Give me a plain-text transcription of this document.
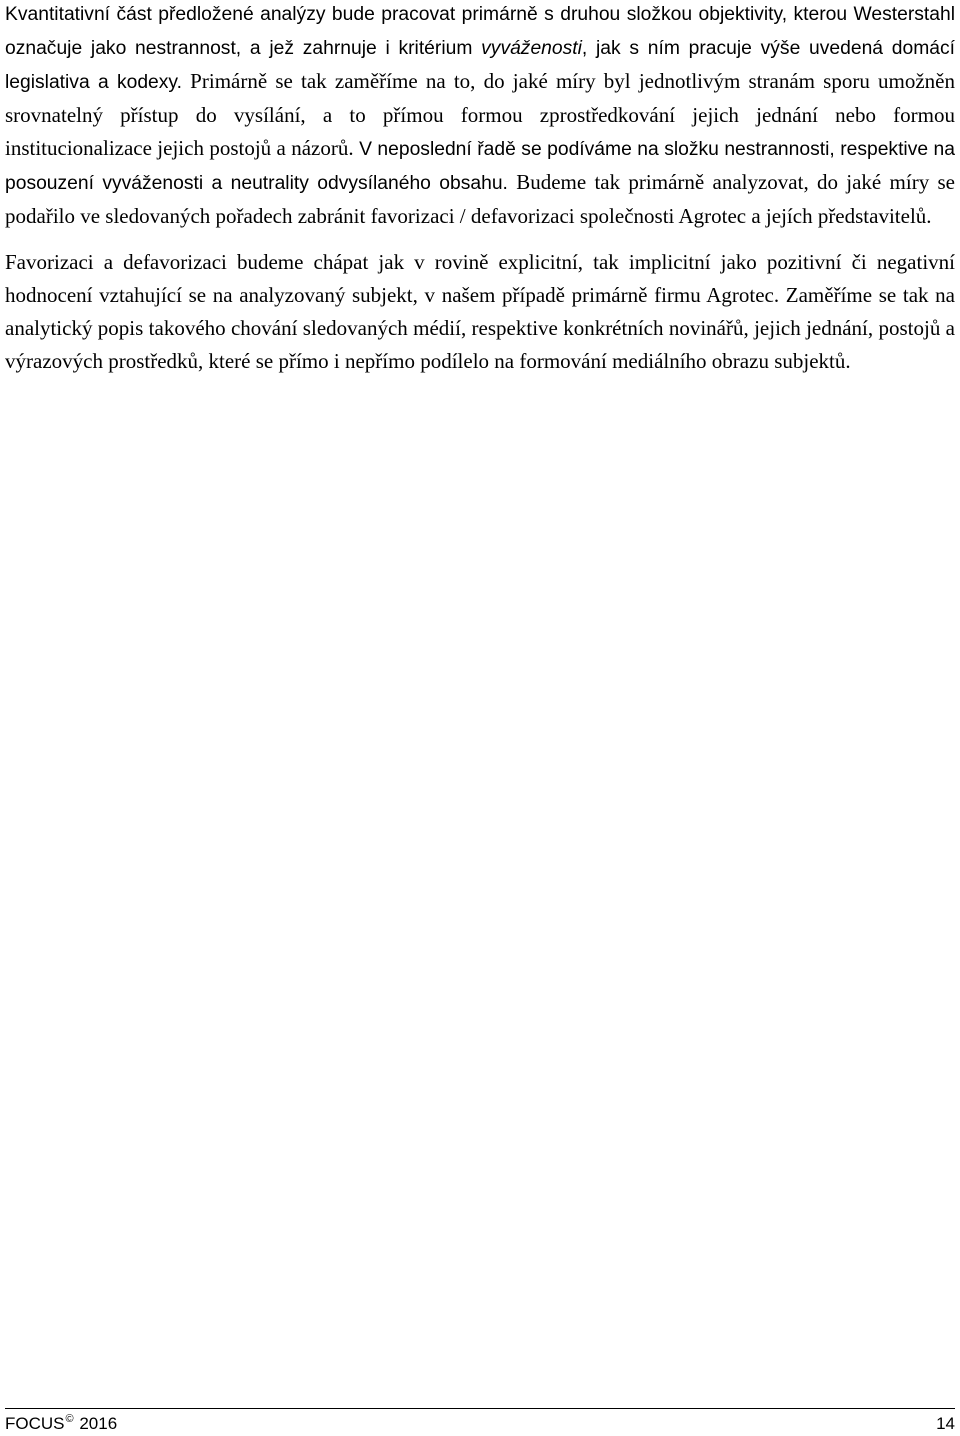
Kvantitativní část předložené analýzy bude pracovat primárně s druhou složkou objektivity, kterou Westerstahl označuje jako nestrannost, a jež zahrnuje i kritérium vyváženosti, jak s ním pracuje výše uvedená domácí legislativa a kodexy. Primárně se tak zaměříme na to, do jaké míry byl jednotlivým stranám sporu umožněn srovnatelný přístup do vysílání, a to přímou formou zprostředkování jejich jednání nebo formou institucionalizace jejich postojů a názorů. V neposlední řadě se podíváme na složku nestrannosti, respektive na posouzení vyváženosti a neutrality odvysílaného obsahu. Budeme tak primárně analyzovat, do jaké míry se podařilo ve sledovaných pořadech zabránit favorizaci / defavorizaci společnosti Agrotec a jejích představitelů.

Favorizaci a defavorizaci budeme chápat jak v rovině explicitní, tak implicitní jako pozitivní či negativní hodnocení vztahující se na analyzovaný subjekt, v našem případě primárně firmu Agrotec. Zaměříme se tak na analytický popis takového chování sledovaných médií, respektive konkrétních novinářů, jejich jednání, postojů a výrazových prostředků, které se přímo i nepřímo podílelo na formování mediálního obrazu subjektů.

FOCUS© 2016	14
